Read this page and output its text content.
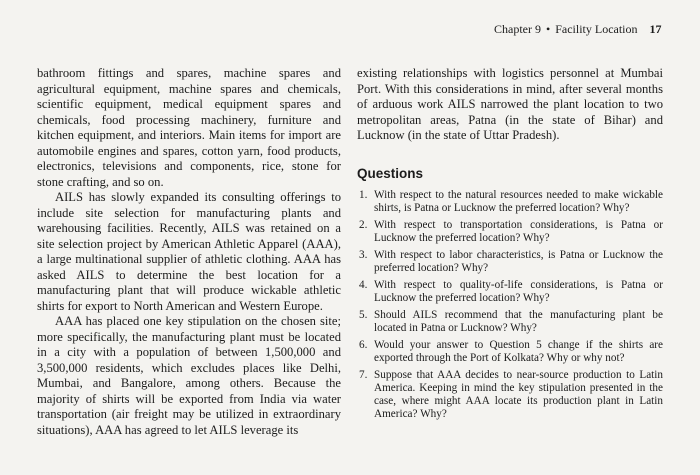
Chapter 9 • Facility Location 17

bathroom fittings and spares, machine spares and agricultural equipment, machine spares and chemicals, scientific equipment, medical equipment spares and chemicals, food processing machinery, furniture and kitchen equipment, and interiors. Main items for import are automobile engines and spares, cotton yarn, food products, electronics, televisions and components, rice, stone for stone crafting, and so on.

AILS has slowly expanded its consulting offerings to include site selection for manufacturing plants and warehousing facilities. Recently, AILS was retained on a site selection project by American Athletic Apparel (AAA), a large multinational supplier of athletic clothing. AAA has asked AILS to determine the best location for a manufacturing plant that will produce wickable athletic shirts for export to North American and Western Europe.

AAA has placed one key stipulation on the chosen site; more specifically, the manufacturing plant must be located in a city with a population of between 1,500,000 and 3,500,000 residents, which excludes places like Delhi, Mumbai, and Bangalore, among others. Because the majority of shirts will be exported from India via water transportation (air freight may be utilized in extraordinary situations), AAA has agreed to let AILS leverage its

existing relationships with logistics personnel at Mumbai Port. With this considerations in mind, after several months of arduous work AILS narrowed the plant location to two metropolitan areas, Patna (in the state of Bihar) and Lucknow (in the state of Uttar Pradesh).

Questions
1. With respect to the natural resources needed to make wickable shirts, is Patna or Lucknow the preferred location? Why?
2. With respect to transportation considerations, is Patna or Lucknow the preferred location? Why?
3. With respect to labor characteristics, is Patna or Lucknow the preferred location? Why?
4. With respect to quality-of-life considerations, is Patna or Lucknow the preferred location? Why?
5. Should AILS recommend that the manufacturing plant be located in Patna or Lucknow? Why?
6. Would your answer to Question 5 change if the shirts are exported through the Port of Kolkata? Why or why not?
7. Suppose that AAA decides to near-source production to Latin America. Keeping in mind the key stipulation presented in the case, where might AAA locate its production plant in Latin America? Why?
